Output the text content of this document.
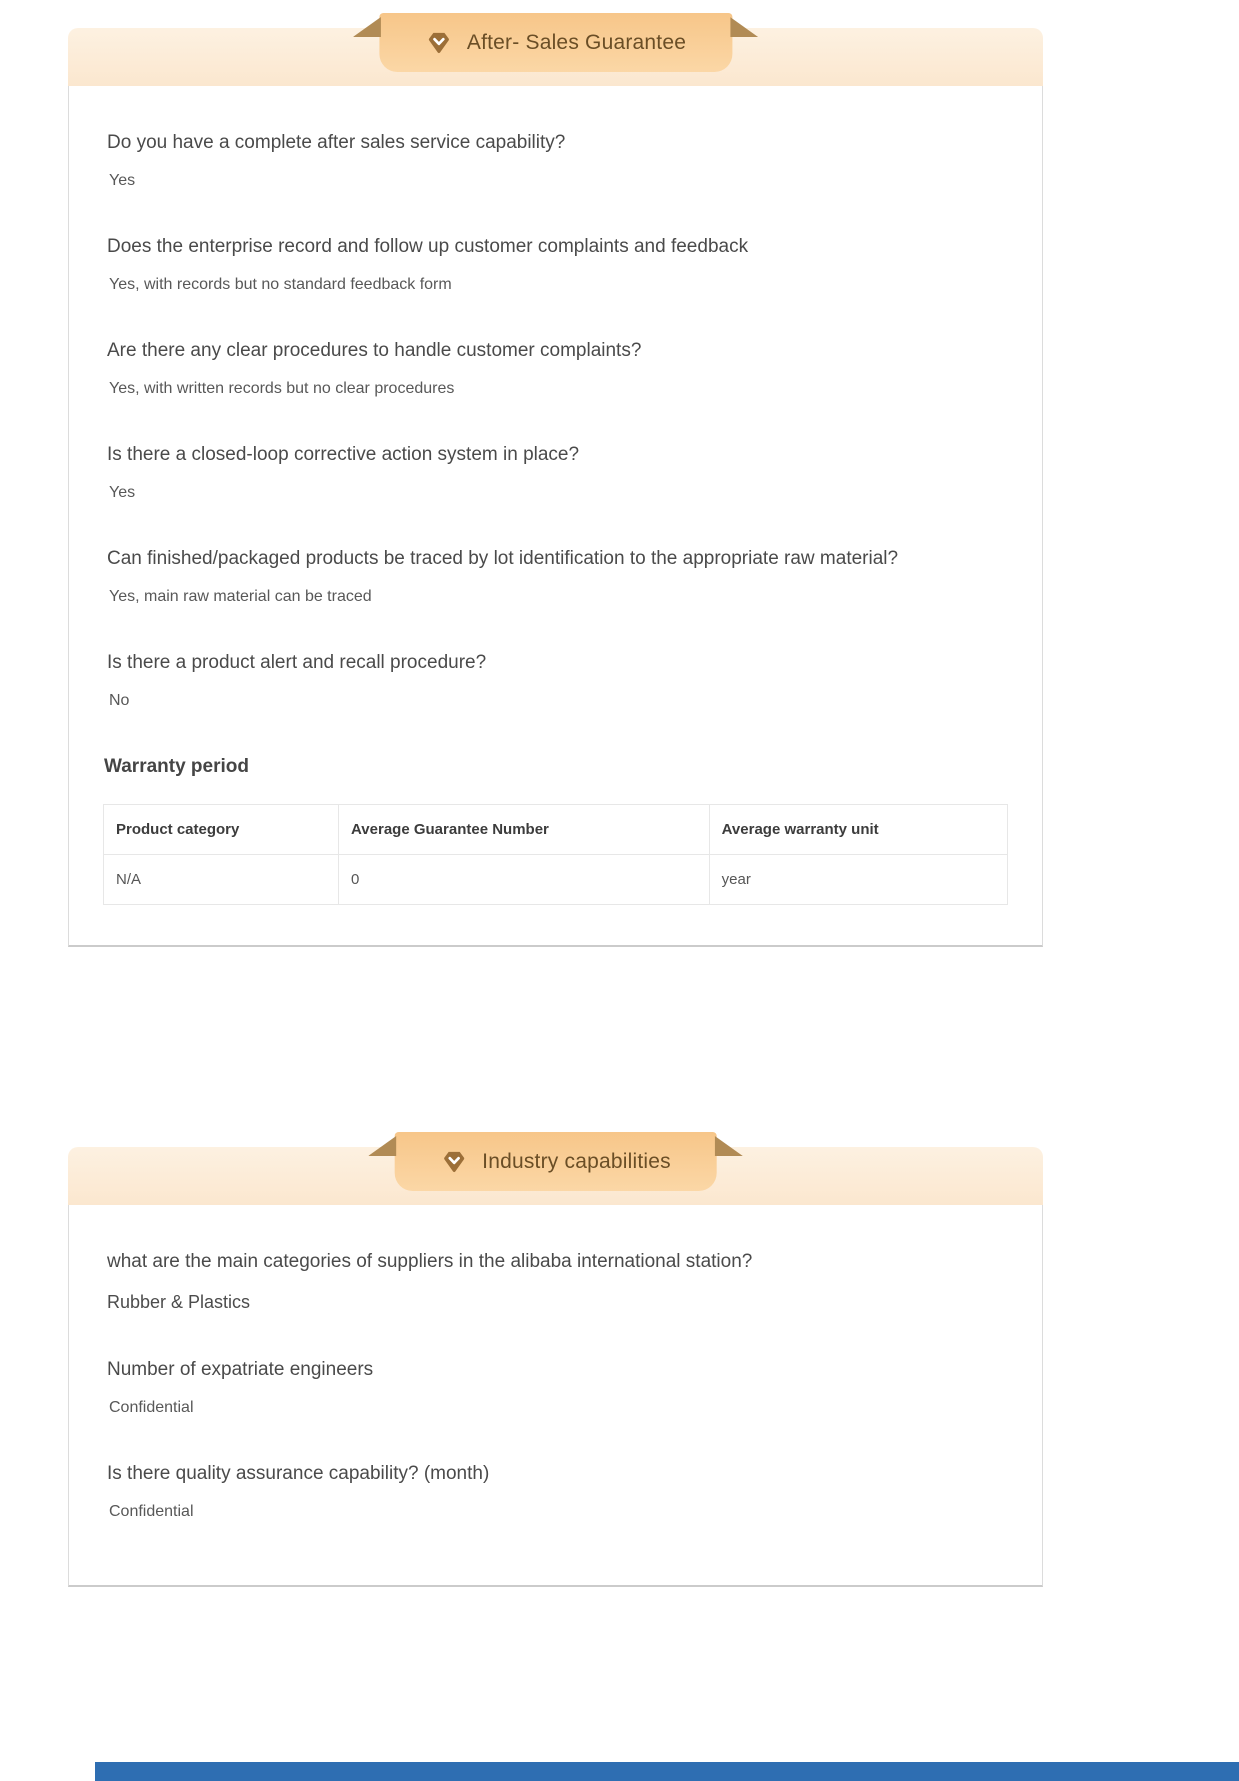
After- Sales Guarantee
Do you have a complete after sales service capability?
Yes
Does the enterprise record and follow up customer complaints and feedback
Yes, with records but no standard feedback form
Are there any clear procedures to handle customer complaints?
Yes, with written records but no clear procedures
Is there a closed-loop corrective action system in place?
Yes
Can finished/packaged products be traced by lot identification to the appropriate raw material?
Yes, main raw material can be traced
Is there a product alert and recall procedure?
No
Warranty period
Product category	Average Guarantee Number	Average warranty unit
N/A	0	year
Industry capabilities
what are the main categories of suppliers in the alibaba international station?
Rubber & Plastics
Number of expatriate engineers
Confidential
Is there quality assurance capability? (month)
Confidential
